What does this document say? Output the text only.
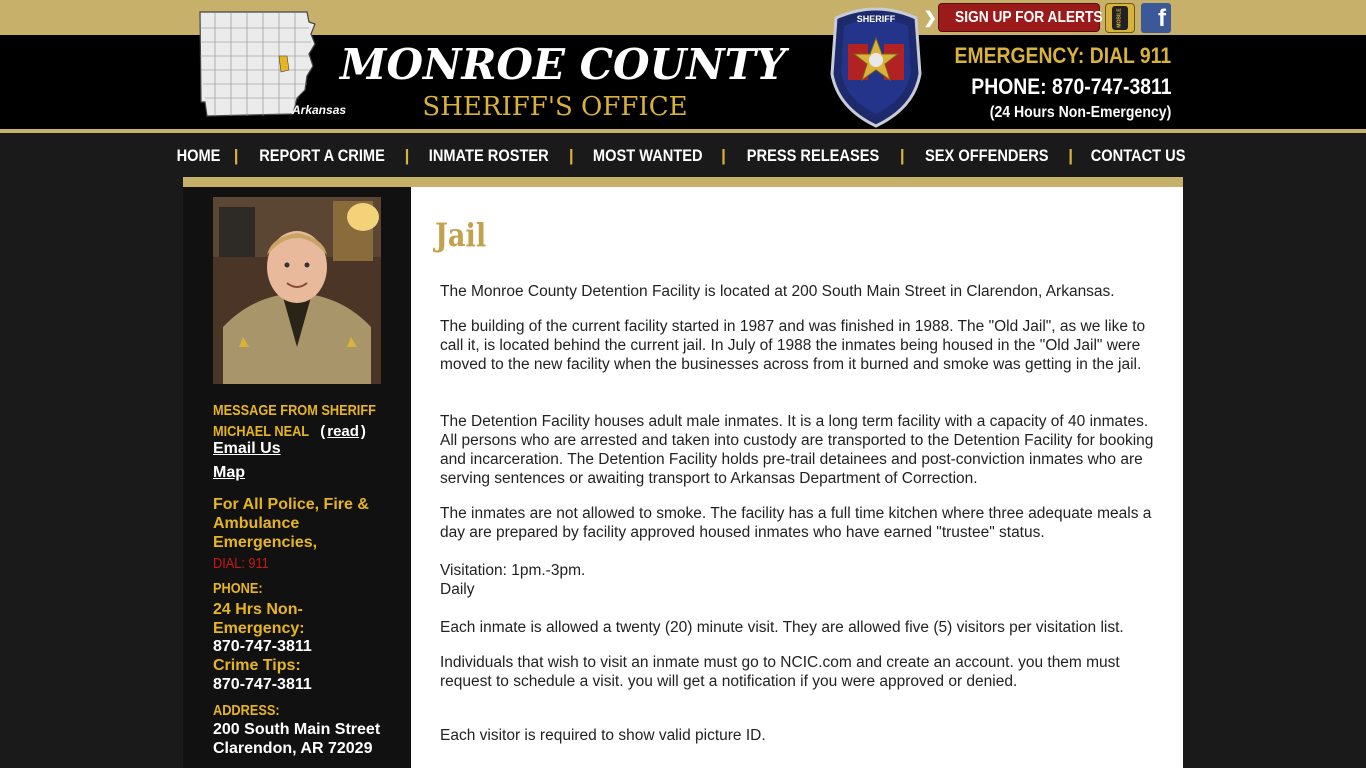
Arkansas
MONROE COUNTY
SHERIFF'S OFFICE
SHERIFF ❯ SIGN UP FOR ALERTS	MOBILE	f
EMERGENCY: DIAL 911
PHONE: 870-747-3811
(24 Hours Non-Emergency)
HOME | REPORT A CRIME | INMATE ROSTER | MOST WANTED | PRESS RELEASES | SEX OFFENDERS | CONTACT US
MESSAGE FROM SHERIFF
MICHAEL NEAL ( read )
Email Us
Map
For All Police, Fire & Ambulance Emergencies,
DIAL: 911
PHONE:
24 Hrs Non-Emergency:
870-747-3811
Crime Tips:
870-747-3811
ADDRESS:
200 South Main Street
Clarendon, AR 72029
Jail

The Monroe County Detention Facility is located at 200 South Main Street in Clarendon, Arkansas.

The building of the current facility started in 1987 and was finished in 1988. The "Old Jail", as we like to call it, is located behind the current jail. In July of 1988 the inmates being housed in the "Old Jail" were moved to the new facility when the businesses across from it burned and smoke was getting in the jail.

The Detention Facility houses adult male inmates. It is a long term facility with a capacity of 40 inmates. All persons who are arrested and taken into custody are transported to the Detention Facility for booking and incarceration. The Detention Facility holds pre-trail detainees and post-conviction inmates who are serving sentences or awaiting transport to Arkansas Department of Correction.

The inmates are not allowed to smoke. The facility has a full time kitchen where three adequate meals a day are prepared by facility approved housed inmates who have earned "trustee" status.

Visitation: 1pm.-3pm.

Daily

Each inmate is allowed a twenty (20) minute visit. They are allowed five (5) visitors per visitation list.

Individuals that wish to visit an inmate must go to NCIC.com and create an account. you them must request to schedule a visit. you will get a notification if you were approved or denied.

Each visitor is required to show valid picture ID.
